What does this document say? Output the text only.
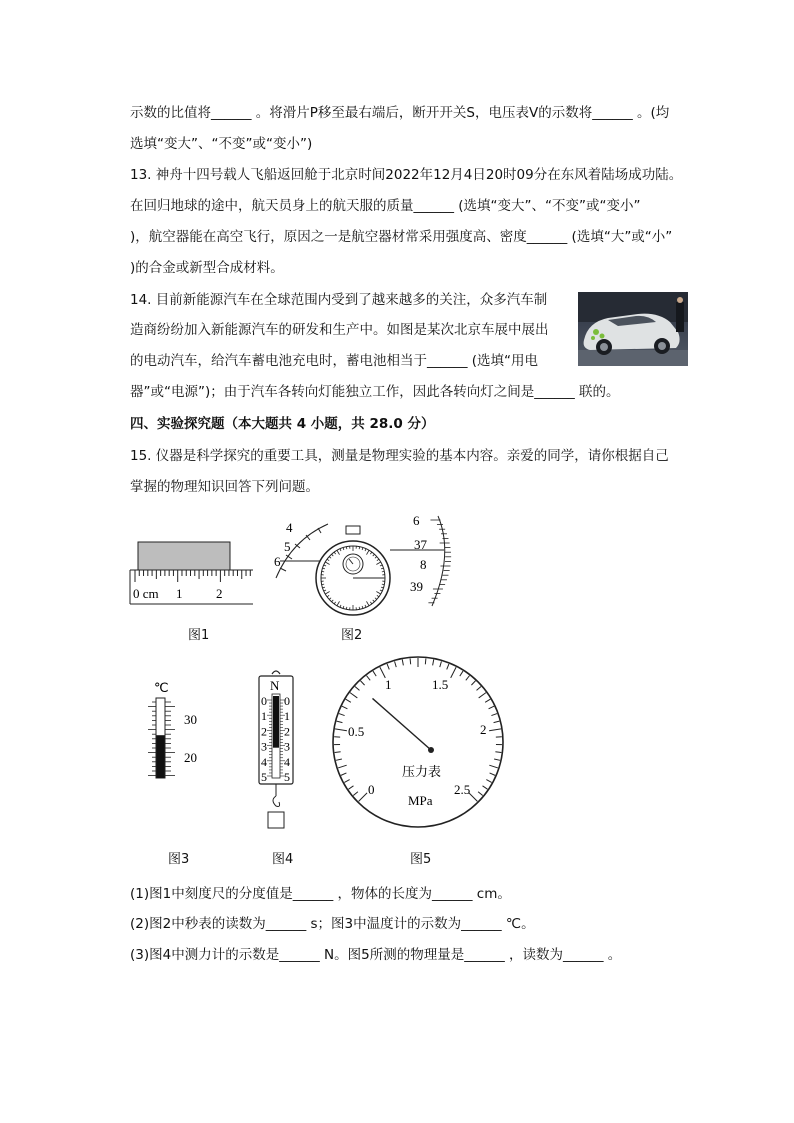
示数的比值将______ 。将滑片P移至最右端后，断开开关S，电压表V的示数将______ 。(均
选填“变大”、“不变”或“变小”)
13. 神舟十四号载人飞船返回舱于北京时间2022年12月4日20时09分在东风着陆场成功陆。
在回归地球的途中，航天员身上的航天服的质量______ (选填“变大”、“不变”或“变小”
)，航空器能在高空飞行，原因之一是航空器材常采用强度高、密度______ (选填“大”或“小”
)的合金或新型合成材料。
14. 目前新能源汽车在全球范围内受到了越来越多的关注，众多汽车制
造商纷纷加入新能源汽车的研发和生产中。如图是某次北京车展中展出
的电动汽车，给汽车蓄电池充电时，蓄电池相当于______ (选填“用电
器”或“电源”)；由于汽车各转向灯能独立工作，因此各转向灯之间是______ 联的。
四、实验探究题（本大题共 4 小题，共 28.0 分）
15. 仪器是科学探究的重要工具，测量是物理实验的基本内容。亲爱的同学，请你根据自己
掌握的物理知识回答下列问题。
0 cm 1	2
图1
4
5
6
6
37
8
39
图2
℃
30
20
图3
N
0 0
1 1
2 2
3 3
4 4
5 5
图4
0
0.5
1	1.5
2
2.5
压力表
MPa
图5
(1)图1中刻度尺的分度值是______ ，物体的长度为______ cm。
(2)图2中秒表的读数为______ s；图3中温度计的示数为______ ℃。
(3)图4中测力计的示数是______ N。图5所测的物理量是______ ，读数为______ 。
